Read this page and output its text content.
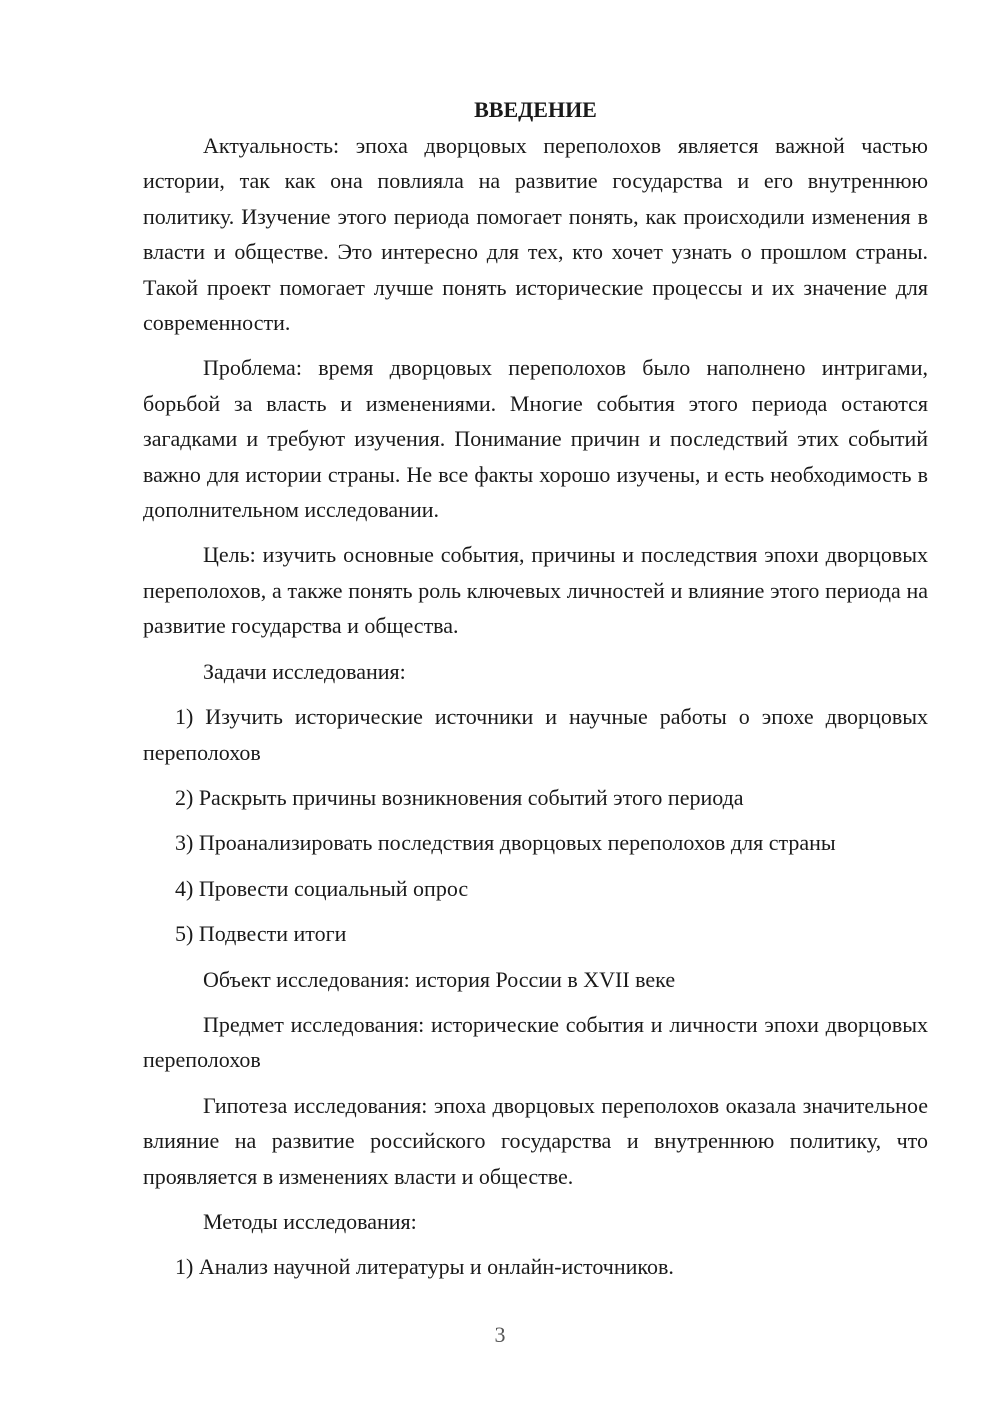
ВВЕДЕНИЕ

Актуальность: эпоха дворцовых переполохов является важной частью истории, так как она повлияла на развитие государства и его внутреннюю политику. Изучение этого периода помогает понять, как происходили изменения в власти и обществе. Это интересно для тех, кто хочет узнать о прошлом страны. Такой проект помогает лучше понять исторические процессы и их значение для современности.

Проблема: время дворцовых переполохов было наполнено интригами, борьбой за власть и изменениями. Многие события этого периода остаются загадками и требуют изучения. Понимание причин и последствий этих событий важно для истории страны. Не все факты хорошо изучены, и есть необходимость в дополнительном исследовании.

Цель: изучить основные события, причины и последствия эпохи дворцовых переполохов, а также понять роль ключевых личностей и влияние этого периода на развитие государства и общества.

Задачи исследования:

1) Изучить исторические источники и научные работы о эпохе дворцовых переполохов

2) Раскрыть причины возникновения событий этого периода

3) Проанализировать последствия дворцовых переполохов для страны

4) Провести социальный опрос

5) Подвести итоги

Объект исследования: история России в XVII веке

Предмет исследования: исторические события и личности эпохи дворцовых переполохов

Гипотеза исследования: эпоха дворцовых переполохов оказала значительное влияние на развитие российского государства и внутреннюю политику, что проявляется в изменениях власти и обществе.

Методы исследования:

1) Анализ научной литературы и онлайн-источников.

3
